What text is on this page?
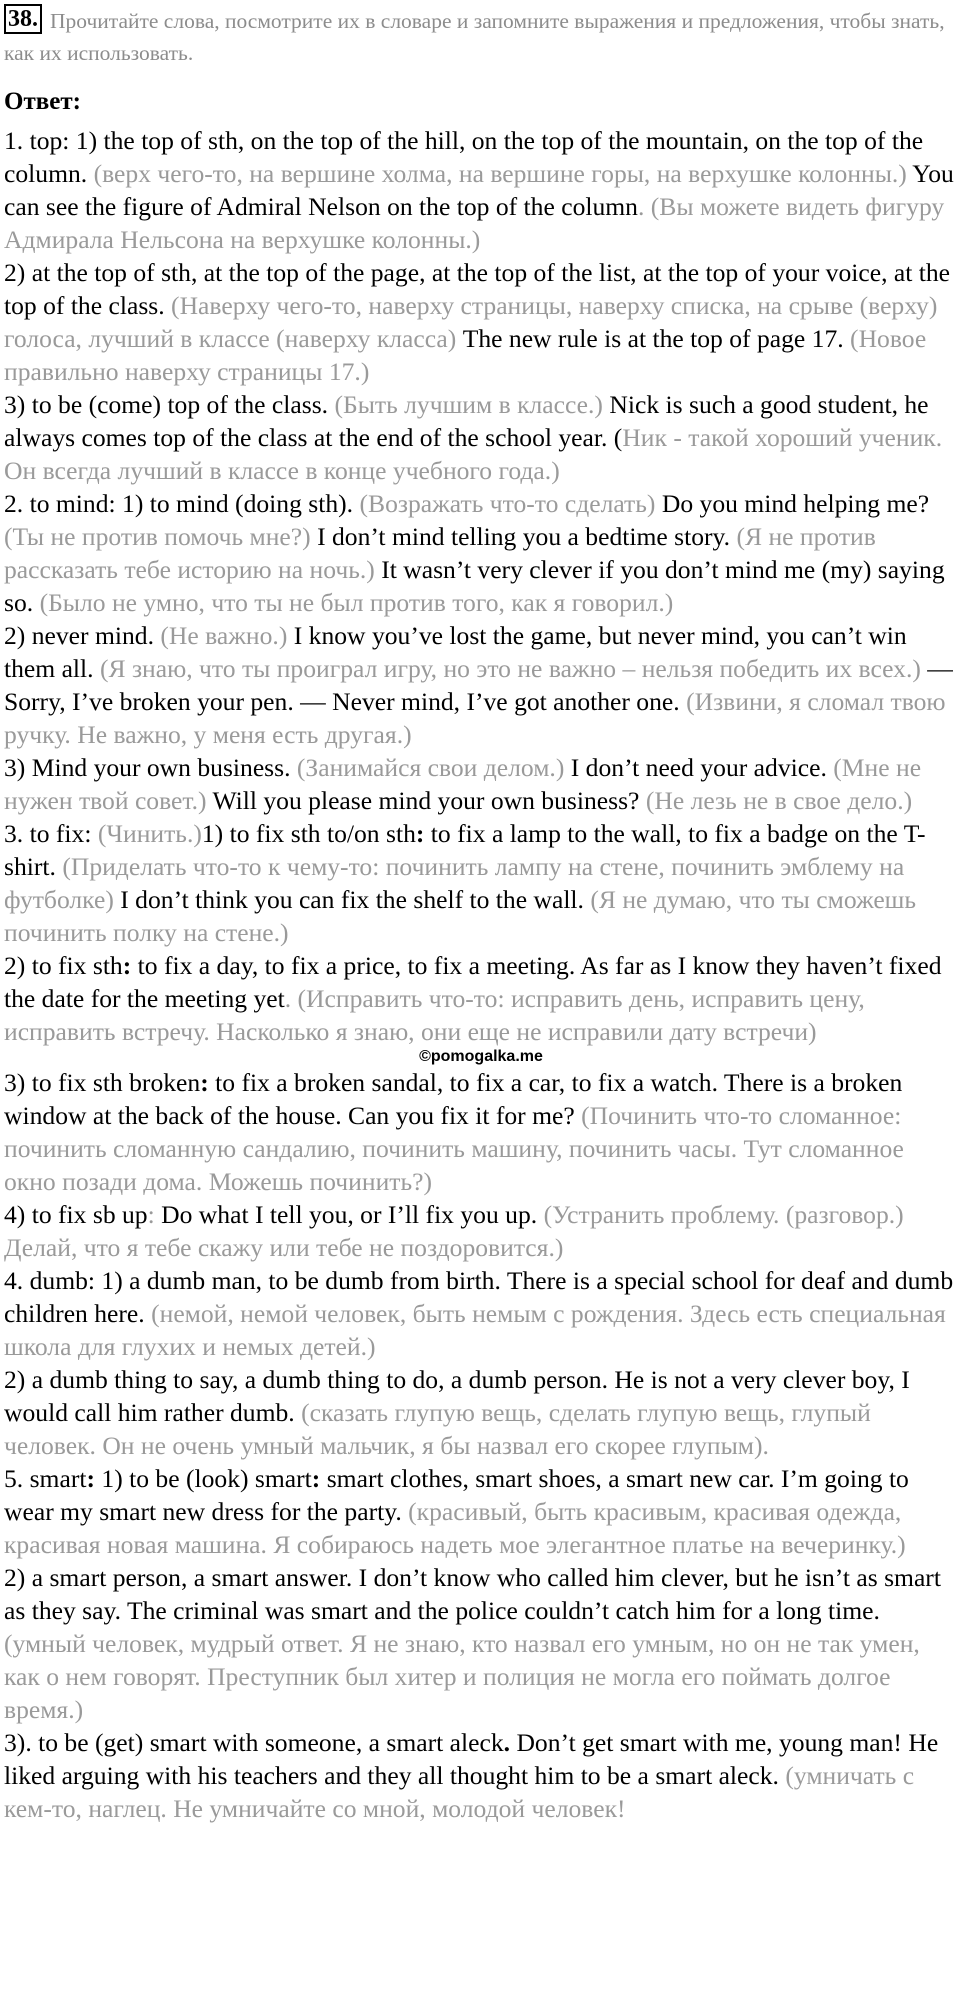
38. Прочитайте слова, посмотрите их в словаре и запомните выражения и предложения, чтобы знать, как их использовать.
Ответ:

1. top: 1) the top of sth, on the top of the hill, on the top of the mountain, on the top of the column. (верх чего-то, на вершине холма, на вершине горы, на верхушке колонны.) You can see the figure of Admiral Nelson on the top of the column. (Вы можете видеть фигуру Адмирала Нельсона на верхушке колонны.)

2) at the top of sth, at the top of the page, at the top of the list, at the top of your voice, at the top of the class. (Наверху чего-то, наверху страницы, наверху списка, на срыве (верху) голоса, лучший в классе (наверху класса) The new rule is at the top of page 17. (Новое правильно наверху страницы 17.)

3) to be (come) top of the class. (Быть лучшим в классе.) Nick is such a good student, he always comes top of the class at the end of the school year. (Ник - такой хороший ученик. Он всегда лучший в классе в конце учебного года.)

2. to mind: 1) to mind (doing sth). (Возражать что-то сделать) Do you mind helping me? (Ты не против помочь мне?) I don’t mind telling you a bedtime story. (Я не против рассказать тебе историю на ночь.) It wasn’t very clever if you don’t mind me (my) saying so. (Было не умно, что ты не был против того, как я говорил.)

2) never mind. (Не важно.) I know you’ve lost the game, but never mind, you can’t win them all. (Я знаю, что ты проиграл игру, но это не важно – нельзя победить их всех.) — Sorry, I’ve broken your pen. — Never mind, I’ve got another one. (Извини, я сломал твою ручку. Не важно, у меня есть другая.)

3) Mind your own business. (Занимайся свои делом.) I don’t need your advice. (Мне не нужен твой совет.) Will you please mind your own business? (Не лезь не в свое дело.)

3. to fix: (Чинить.)1) to fix sth to/on sth: to fix a lamp to the wall, to fix a badge on the T-shirt. (Приделать что-то к чему-то: починить лампу на стене, починить эмблему на футболке) I don’t think you can fix the shelf to the wall. (Я не думаю, что ты сможешь починить полку на стене.)

2) to fix sth: to fix a day, to fix a price, to fix a meeting. As far as I know they haven’t fixed the date for the meeting yet. (Исправить что-то: исправить день, исправить цену, исправить встречу. Насколько я знаю, они еще не исправили дату встречи)

©pomogalka.me

3) to fix sth broken: to fix a broken sandal, to fix a car, to fix a watch. There is a broken window at the back of the house. Can you fix it for me? (Починить что-то сломанное: починить сломанную сандалию, починить машину, починить часы. Тут сломанное окно позади дома. Можешь починить?)

4) to fix sb up: Do what I tell you, or I’ll fix you up. (Устранить проблему. (разговор.) Делай, что я тебе скажу или тебе не поздоровится.)

4. dumb: 1) a dumb man, to be dumb from birth. There is a special school for deaf and dumb children here. (немой, немой человек, быть немым с рождения. Здесь есть специальная школа для глухих и немых детей.)

2) a dumb thing to say, a dumb thing to do, a dumb person. He is not a very clever boy, I would call him rather dumb. (сказать глупую вещь, сделать глупую вещь, глупый человек. Он не очень умный мальчик, я бы назвал его скорее глупым).

5. smart: 1) to be (look) smart: smart clothes, smart shoes, a smart new car. I’m going to wear my smart new dress for the party. (красивый, быть красивым, красивая одежда, красивая новая машина. Я собираюсь надеть мое элегантное платье на вечеринку.)

2) a smart person, a smart answer. I don’t know who called him clever, but he isn’t as smart as they say. The criminal was smart and the police couldn’t catch him for a long time. (умный человек, мудрый ответ. Я не знаю, кто назвал его умным, но он не так умен, как о нем говорят. Преступник был хитер и полиция не могла его поймать долгое время.)

3). to be (get) smart with someone, a smart aleck. Don’t get smart with me, young man! He liked arguing with his teachers and they all thought him to be a smart aleck. (умничать с кем-то, наглец. Не умничайте со мной, молодой человек!
